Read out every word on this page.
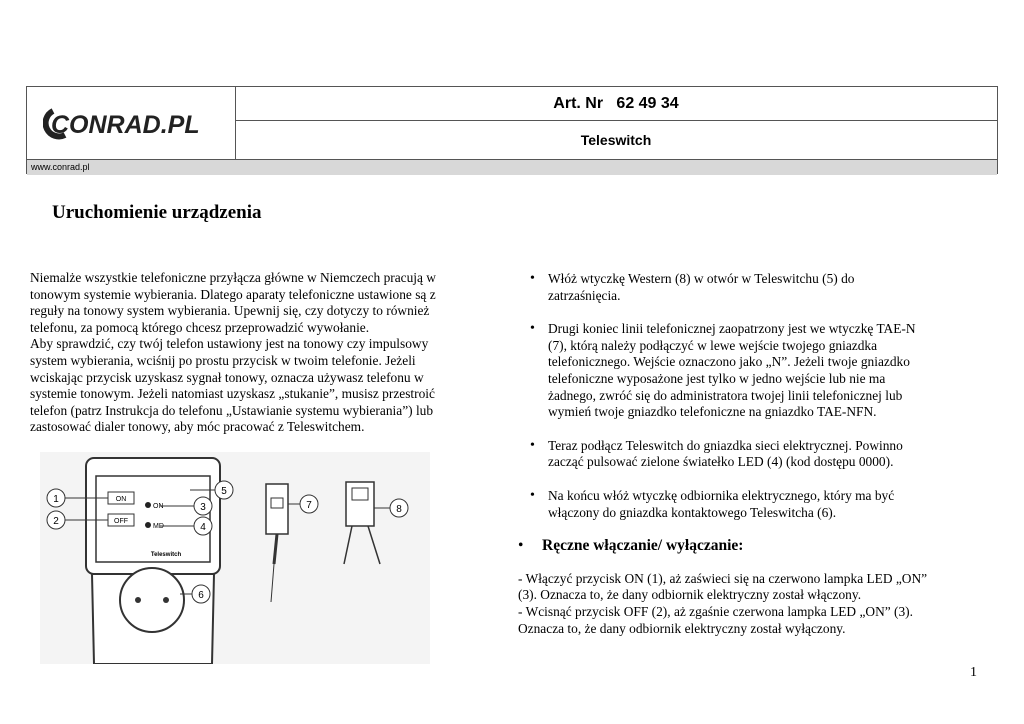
CONRAD.PL
Art. Nr   62 49 34
Teleswitch
www.conrad.pl
Uruchomienie urządzenia

Niemalże wszystkie telefoniczne przyłącza główne w Niemczech pracują w

tonowym systemie wybierania. Dlatego aparaty telefoniczne ustawione są z

reguły na tonowy system wybierania. Upewnij się, czy dotyczy to również

telefonu, za pomocą którego chcesz przeprowadzić wywołanie.

Aby sprawdzić, czy twój telefon ustawiony jest na tonowy czy impulsowy

system wybierania, wciśnij po prostu przycisk w twoim telefonie. Jeżeli

wciskając przycisk uzyskasz sygnał tonowy, oznacza używasz telefonu w

systemie tonowym. Jeżeli natomiast uzyskasz „stukanie”, musisz przestroić

telefon (patrz Instrukcja do telefonu „Ustawianie systemu wybierania”) lub

zastosować dialer tonowy, aby móc pracować z Teleswitchem.

ON
OFF
ON
MD
Teleswitch
1
2
3
4
5
6
7	8
• Włóż wtyczkę Western (8) w otwór w Teleswitchu (5) do
zatrzaśnięcia.
• Drugi koniec linii telefonicznej zaopatrzony jest we wtyczkę TAE-N
(7), którą należy podłączyć w lewe wejście twojego gniazdka
telefonicznego. Wejście oznaczono jako „N”. Jeżeli twoje gniazdko
telefoniczne wyposażone jest tylko w jedno wejście lub nie ma
żadnego, zwróć się do administratora twojej linii telefonicznej lub
wymień twoje gniazdko telefoniczne na gniazdko TAE-NFN.
• Teraz podłącz Teleswitch do gniazdka sieci elektrycznej. Powinno
zacząć pulsować zielone światełko LED (4) (kod dostępu 0000).
• Na końcu włóż wtyczkę odbiornika elektrycznego, który ma być
włączony do gniazdka kontaktowego Teleswitcha (6).
• Ręczne włączanie/ wyłączanie:

- Włączyć przycisk ON (1), aż zaświeci się na czerwono lampka LED „ON”

(3). Oznacza to, że dany odbiornik elektryczny został włączony.

- Wcisnąć przycisk OFF (2), aż zgaśnie czerwona lampka LED „ON” (3).

Oznacza to, że dany odbiornik elektryczny został wyłączony.

1
